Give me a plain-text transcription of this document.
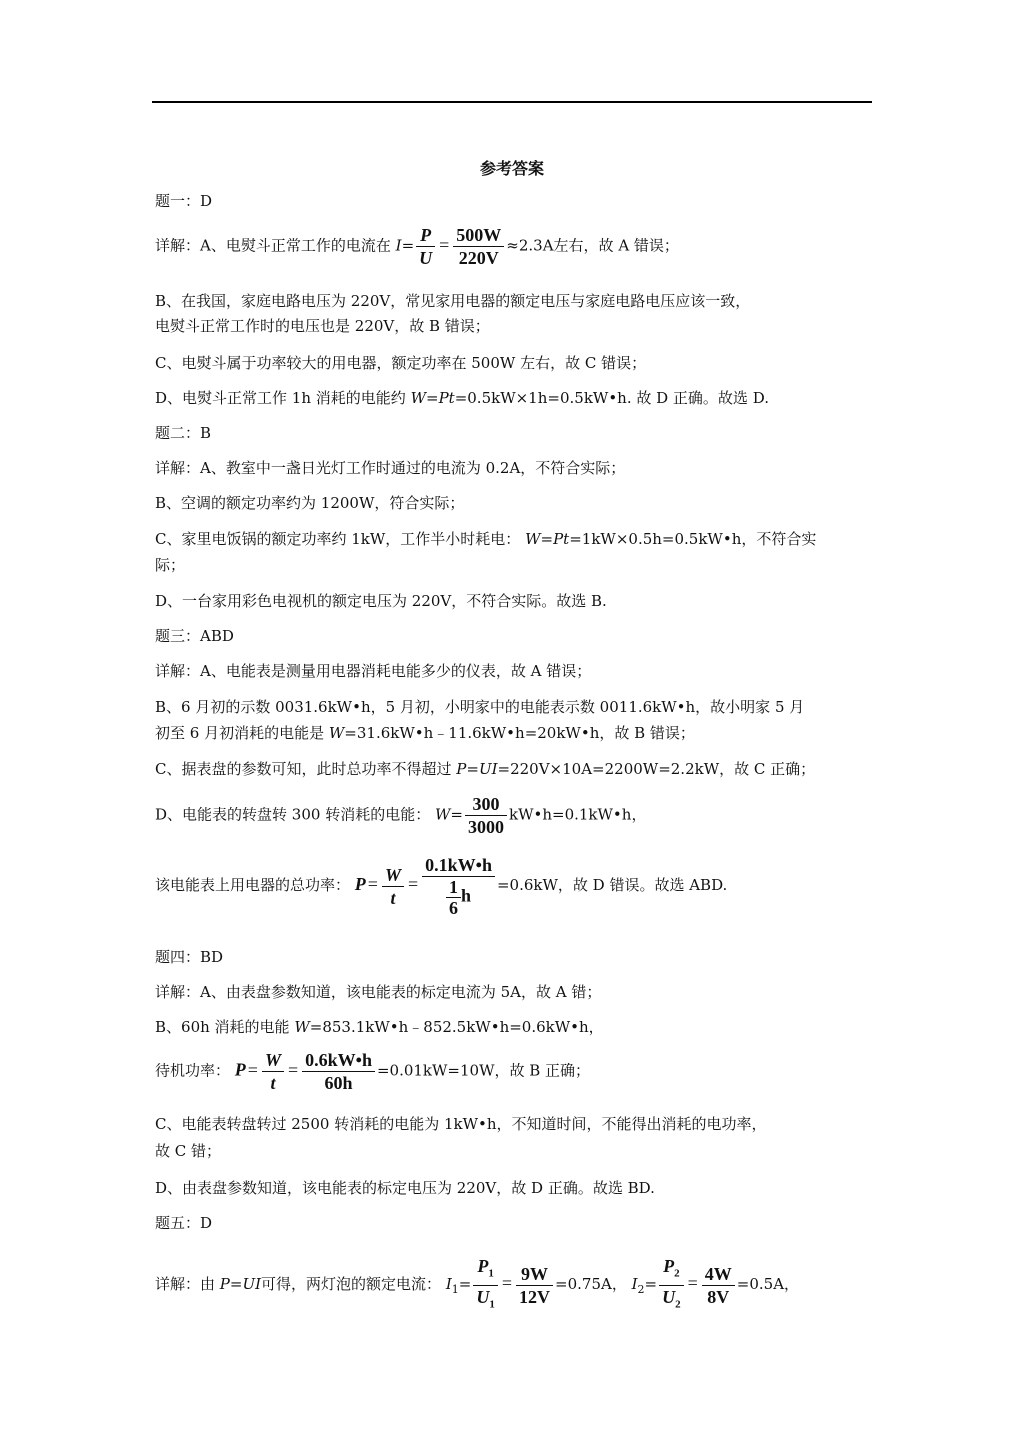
参考答案
题一：D
详解：A、电熨斗正常工作的电流在 $I= \frac{P}{U} = \frac{500W}{220V} \approx 2.3A$左右，故 A 错误；
B、在我国，家庭电路电压为 220V，常见家用电器的额定电压与家庭电路电压应该一致，
电熨斗正常工作时的电压也是 220V，故 B 错误；
C、电熨斗属于功率较大的用电器，额定功率在 500W 左右，故 C 错误；
D、电熨斗正常工作 1h 消耗的电能约 W=Pt=0.5kW×1h=0.5kW•h. 故 D 正确。故选 D.
题二：B
详解：A、教室中一盏日光灯工作时通过的电流为 0.2A，不符合实际；
B、空调的额定功率约为 1200W，符合实际；
C、家里电饭锅的额定功率约 1kW，工作半小时耗电： W=Pt=1kW×0.5h=0.5kW•h，不符合实
际；
D、一台家用彩色电视机的额定电压为 220V，不符合实际。故选 B.
题三：ABD
详解：A、电能表是测量用电器消耗电能多少的仪表，故 A 错误；
B、6 月初的示数 0031.6kW•h，5 月初，小明家中的电能表示数 0011.6kW•h，故小明家 5 月
初至 6 月初消耗的电能是 W=31.6kW•h﹣11.6kW•h=20kW•h，故 B 错误；
C、据表盘的参数可知，此时总功率不得超过 P=UI=220V×10A=2200W=2.2kW，故 C 正确；
D、电能表的转盘转 300 转消耗的电能： $W= \frac{300}{3000}$ kW•h=0.1kW•h，
该电能表上用电器的总功率： $P = \frac{W}{t} = \frac{0.1kW•h}{\frac{1}{6} h} =0.6kW$，故 D 错误。故选 ABD.
题四：BD
详解：A、由表盘参数知道，该电能表的标定电流为 5A，故 A 错；
B、60h 消耗的电能 W=853.1kW•h﹣852.5kW•h=0.6kW•h，
待机功率： $P = \frac{W}{t} = \frac{0.6kW•h}{60h} =0.01kW=10W$，故 B 正确；
C、电能表转盘转过 2500 转消耗的电能为 1kW•h，不知道时间，不能得出消耗的电功率，
故 C 错；
D、由表盘参数知道，该电能表的标定电压为 220V，故 D 正确。故选 BD.
题五：D
详解：由 P=UI可得，两灯泡的额定电流： $I_1= \frac{P_1}{U_1} = \frac{9W}{12V} =0.75A$， $I_2= \frac{P_2}{U_2} = \frac{4W}{8V} =0.5A$，
